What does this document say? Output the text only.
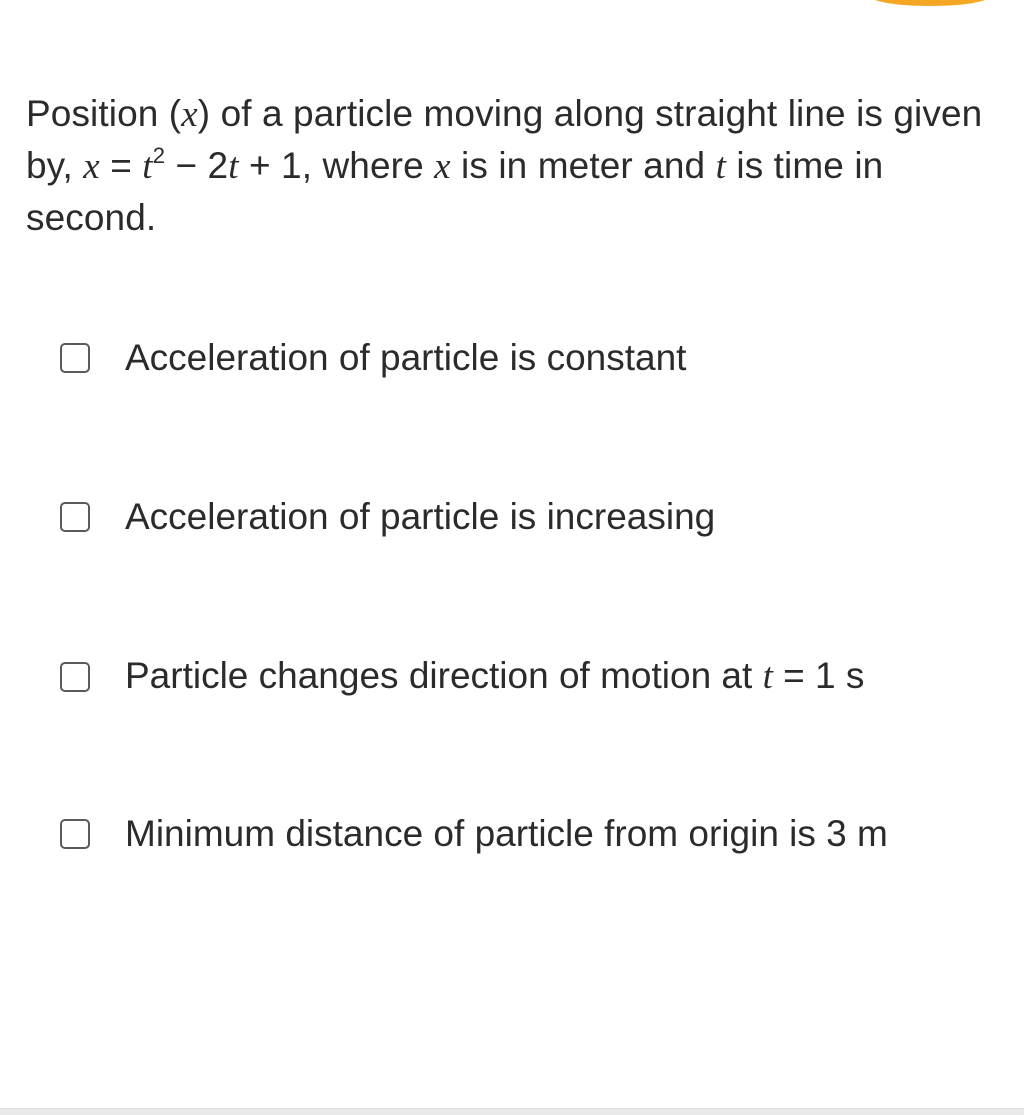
Position (x) of a particle moving along straight line is given by, $x = t^2 - 2t + 1$, where x is in meter and t is time in second.
Acceleration of particle is constant
Acceleration of particle is increasing
Particle changes direction of motion at t = 1 s
Minimum distance of particle from origin is 3 m
